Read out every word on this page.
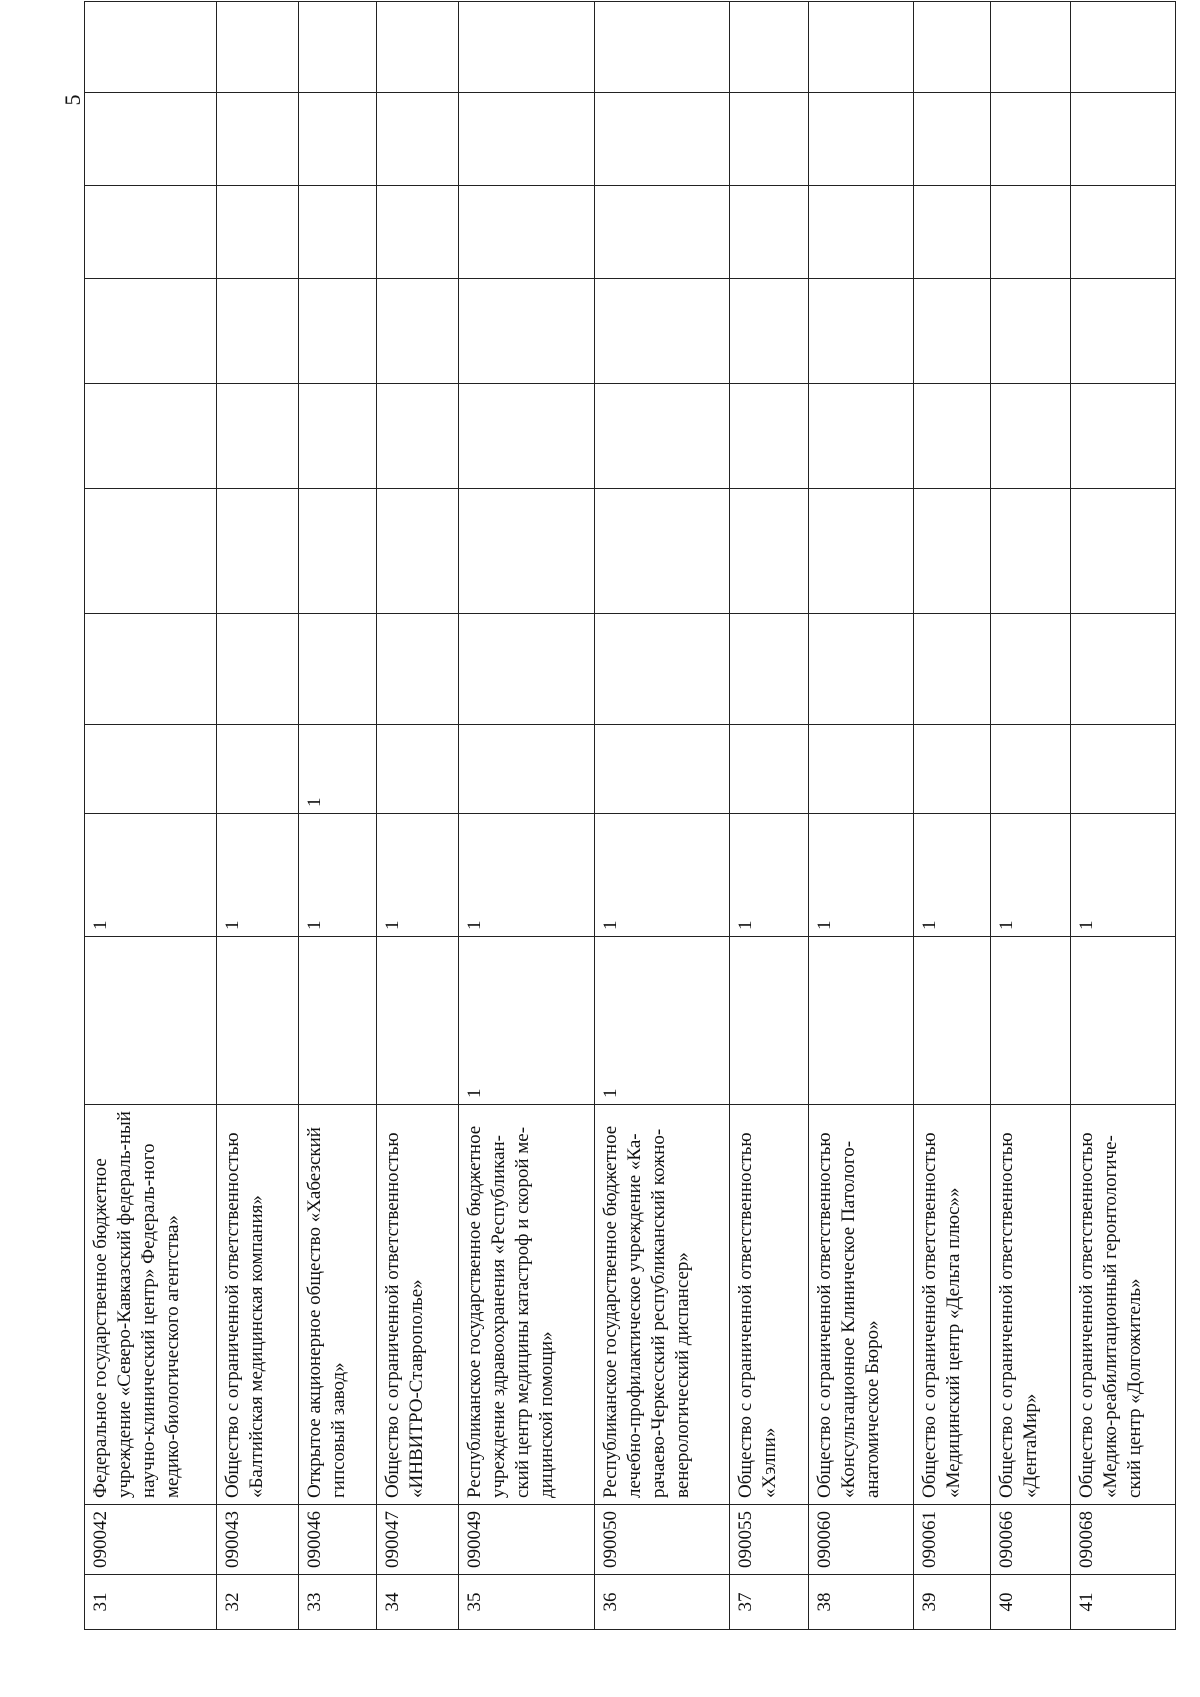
5
31	090042	Федеральное государственное бюджетное учреждение «Северо-Кавказский федераль-ный научно-клинический центр» Федераль-ного медико-биологического агентства»		1								
32	090043	Общество с ограниченной ответственностью «Балтийская медицинская компания»		1								
33	090046	Открытое акционерное общество «Хабезский гипсовый завод»		1	1							
34	090047	Общество с ограниченной ответственностью «ИНВИТРО-Ставрополье»		1								
35	090049	Республиканское государственное бюджетное учреждение здравоохранения «Республикан-ский центр медицины катастроф и скорой ме-дицинской помощи»	1	1								
36	090050	Республиканское государственное бюджетное лечебно-профилактическое учреждение «Ка-рачаево-Черкесский республиканский кожно-венерологический диспансер»	1	1								
37	090055	Общество с ограниченной ответственностью «Хэлпи»		1								
38	090060	Общество с ограниченной ответственностью «Консультационное Клиническое Патолого-анатомическое Бюро»		1								
39	090061	Общество с ограниченной ответственностью «Медицинский центр «Дельта плюс»»		1								
40	090066	Общество с ограниченной ответственностью «ДентаМир»		1								
41	090068	Общество с ограниченной ответственностью «Медико-реабилитационный геронтологиче-ский центр «Долгожитель»		1								
